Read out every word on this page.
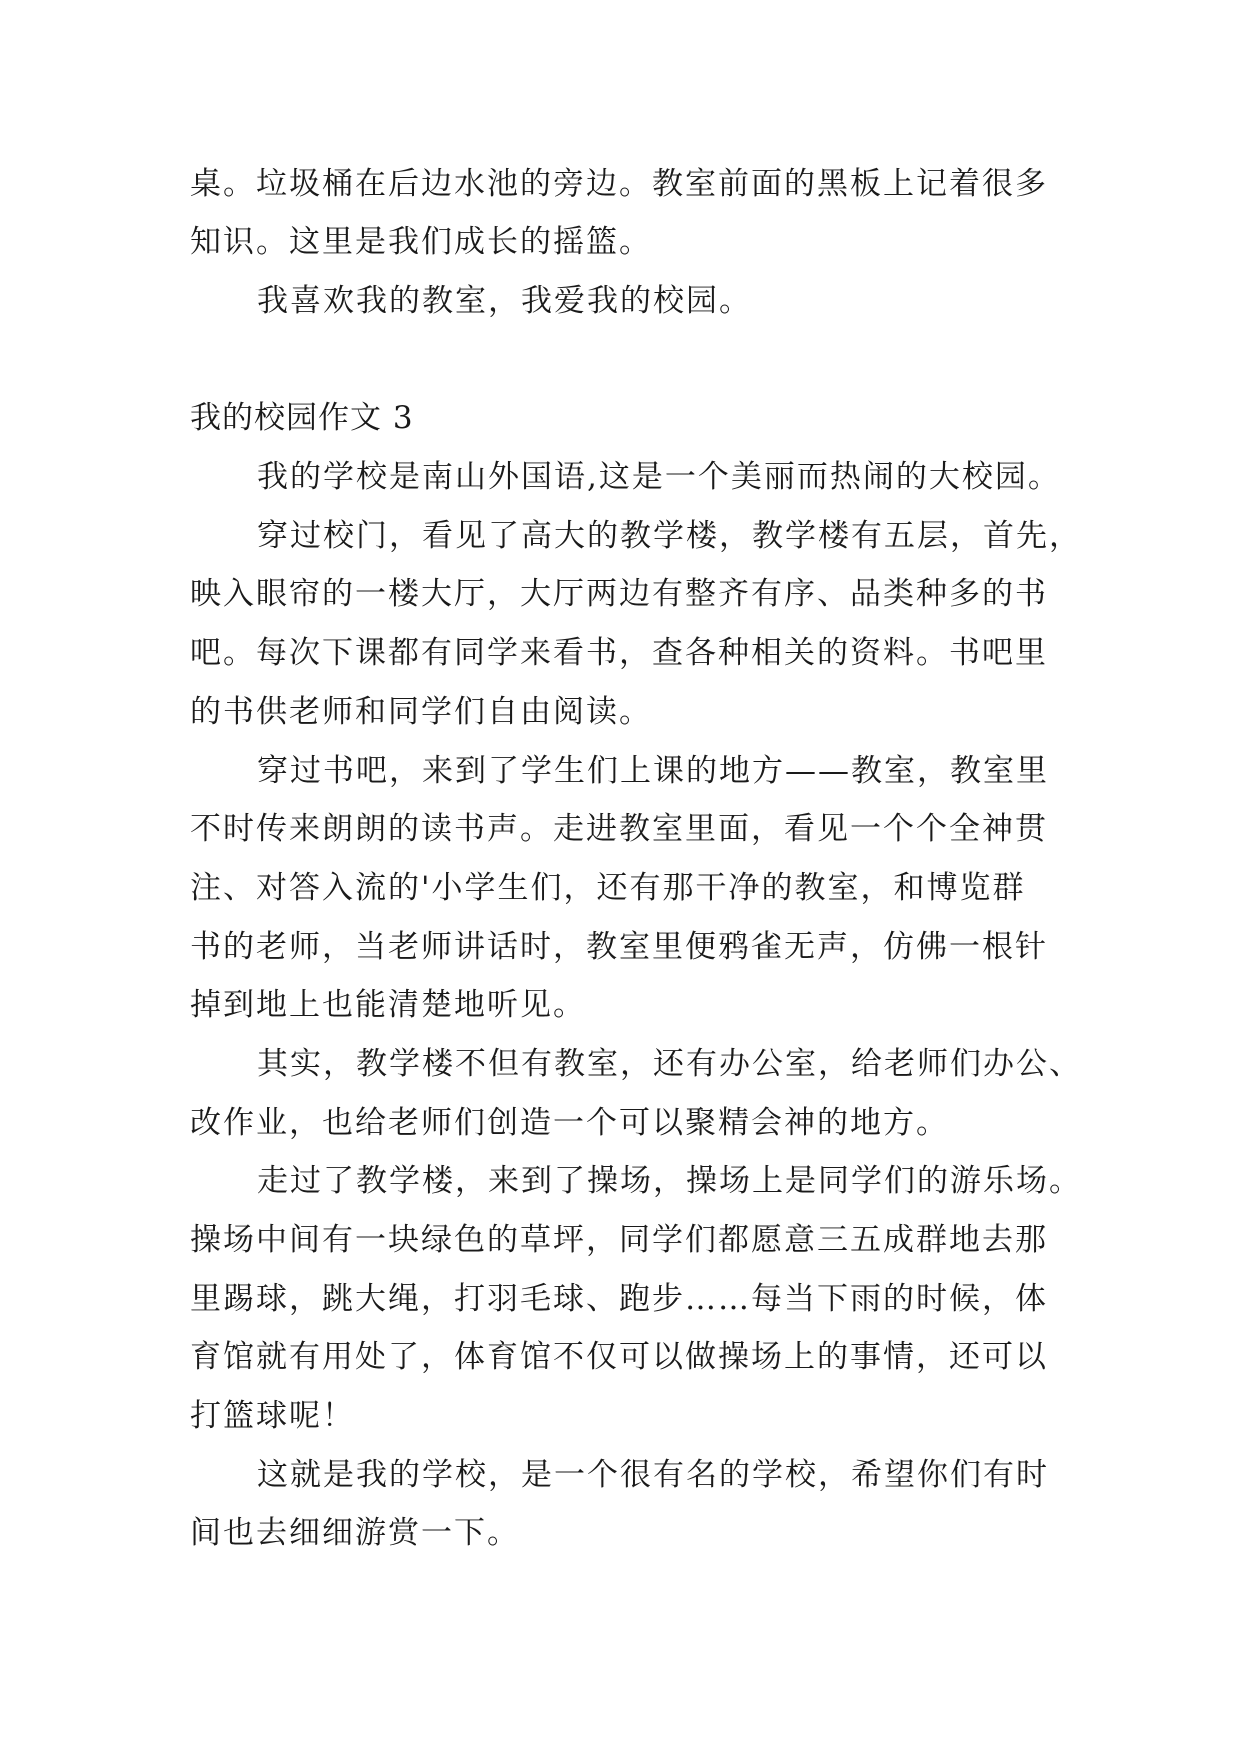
桌。垃圾桶在后边水池的旁边。教室前面的黑板上记着很多
知识。这里是我们成长的摇篮。
我喜欢我的教室，我爱我的校园。
我的校园作文 3
我的学校是南山外国语,这是一个美丽而热闹的大校园。
穿过校门，看见了高大的教学楼，教学楼有五层，首先，
映入眼帘的一楼大厅，大厅两边有整齐有序、品类种多的书
吧。每次下课都有同学来看书，查各种相关的资料。书吧里
的书供老师和同学们自由阅读。
穿过书吧，来到了学生们上课的地方——教室，教室里
不时传来朗朗的读书声。走进教室里面，看见一个个全神贯
注、对答入流的'小学生们，还有那干净的教室，和博览群
书的老师，当老师讲话时，教室里便鸦雀无声，仿佛一根针
掉到地上也能清楚地听见。
其实，教学楼不但有教室，还有办公室，给老师们办公、
改作业，也给老师们创造一个可以聚精会神的地方。
走过了教学楼，来到了操场，操场上是同学们的游乐场。
操场中间有一块绿色的草坪，同学们都愿意三五成群地去那
里踢球，跳大绳，打羽毛球、跑步……每当下雨的时候，体
育馆就有用处了，体育馆不仅可以做操场上的事情，还可以
打篮球呢！
这就是我的学校，是一个很有名的学校，希望你们有时
间也去细细游赏一下。
